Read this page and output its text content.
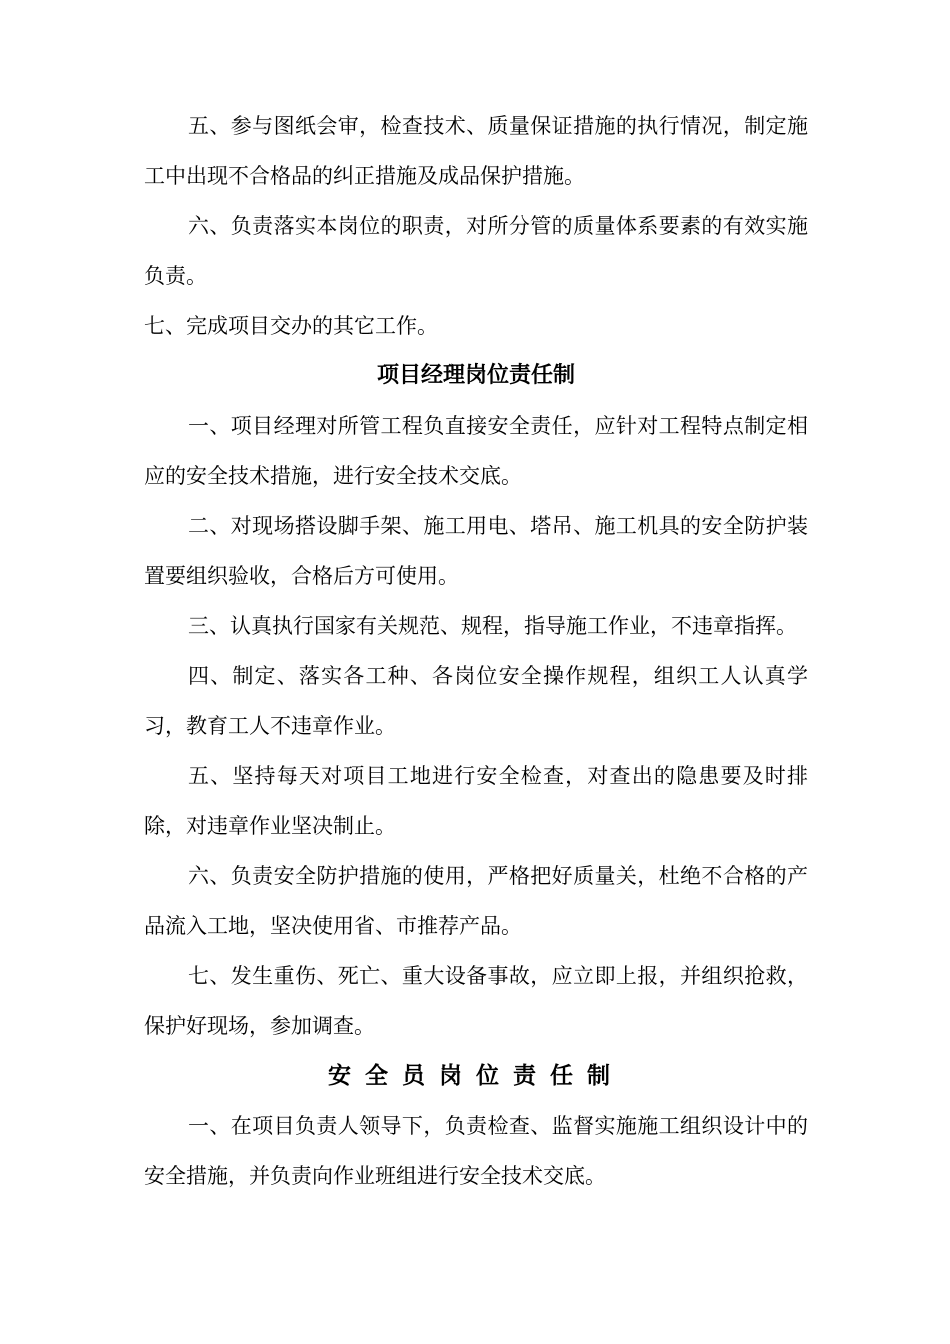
五、参与图纸会审，检查技术、质量保证措施的执行情况，制定施工中出现不合格品的纠正措施及成品保护措施。

六、负责落实本岗位的职责，对所分管的质量体系要素的有效实施负责。

七、完成项目交办的其它工作。

项目经理岗位责任制

一、项目经理对所管工程负直接安全责任，应针对工程特点制定相应的安全技术措施，进行安全技术交底。

二、对现场搭设脚手架、施工用电、塔吊、施工机具的安全防护装置要组织验收，合格后方可使用。

三、认真执行国家有关规范、规程，指导施工作业，不违章指挥。

四、制定、落实各工种、各岗位安全操作规程，组织工人认真学习，教育工人不违章作业。

五、坚持每天对项目工地进行安全检查，对查出的隐患要及时排除，对违章作业坚决制止。

六、负责安全防护措施的使用，严格把好质量关，杜绝不合格的产品流入工地，坚决使用省、市推荐产品。

七、发生重伤、死亡、重大设备事故，应立即上报，并组织抢救，保护好现场，参加调查。

安全员岗位责任制

一、在项目负责人领导下，负责检查、监督实施施工组织设计中的安全措施，并负责向作业班组进行安全技术交底。
